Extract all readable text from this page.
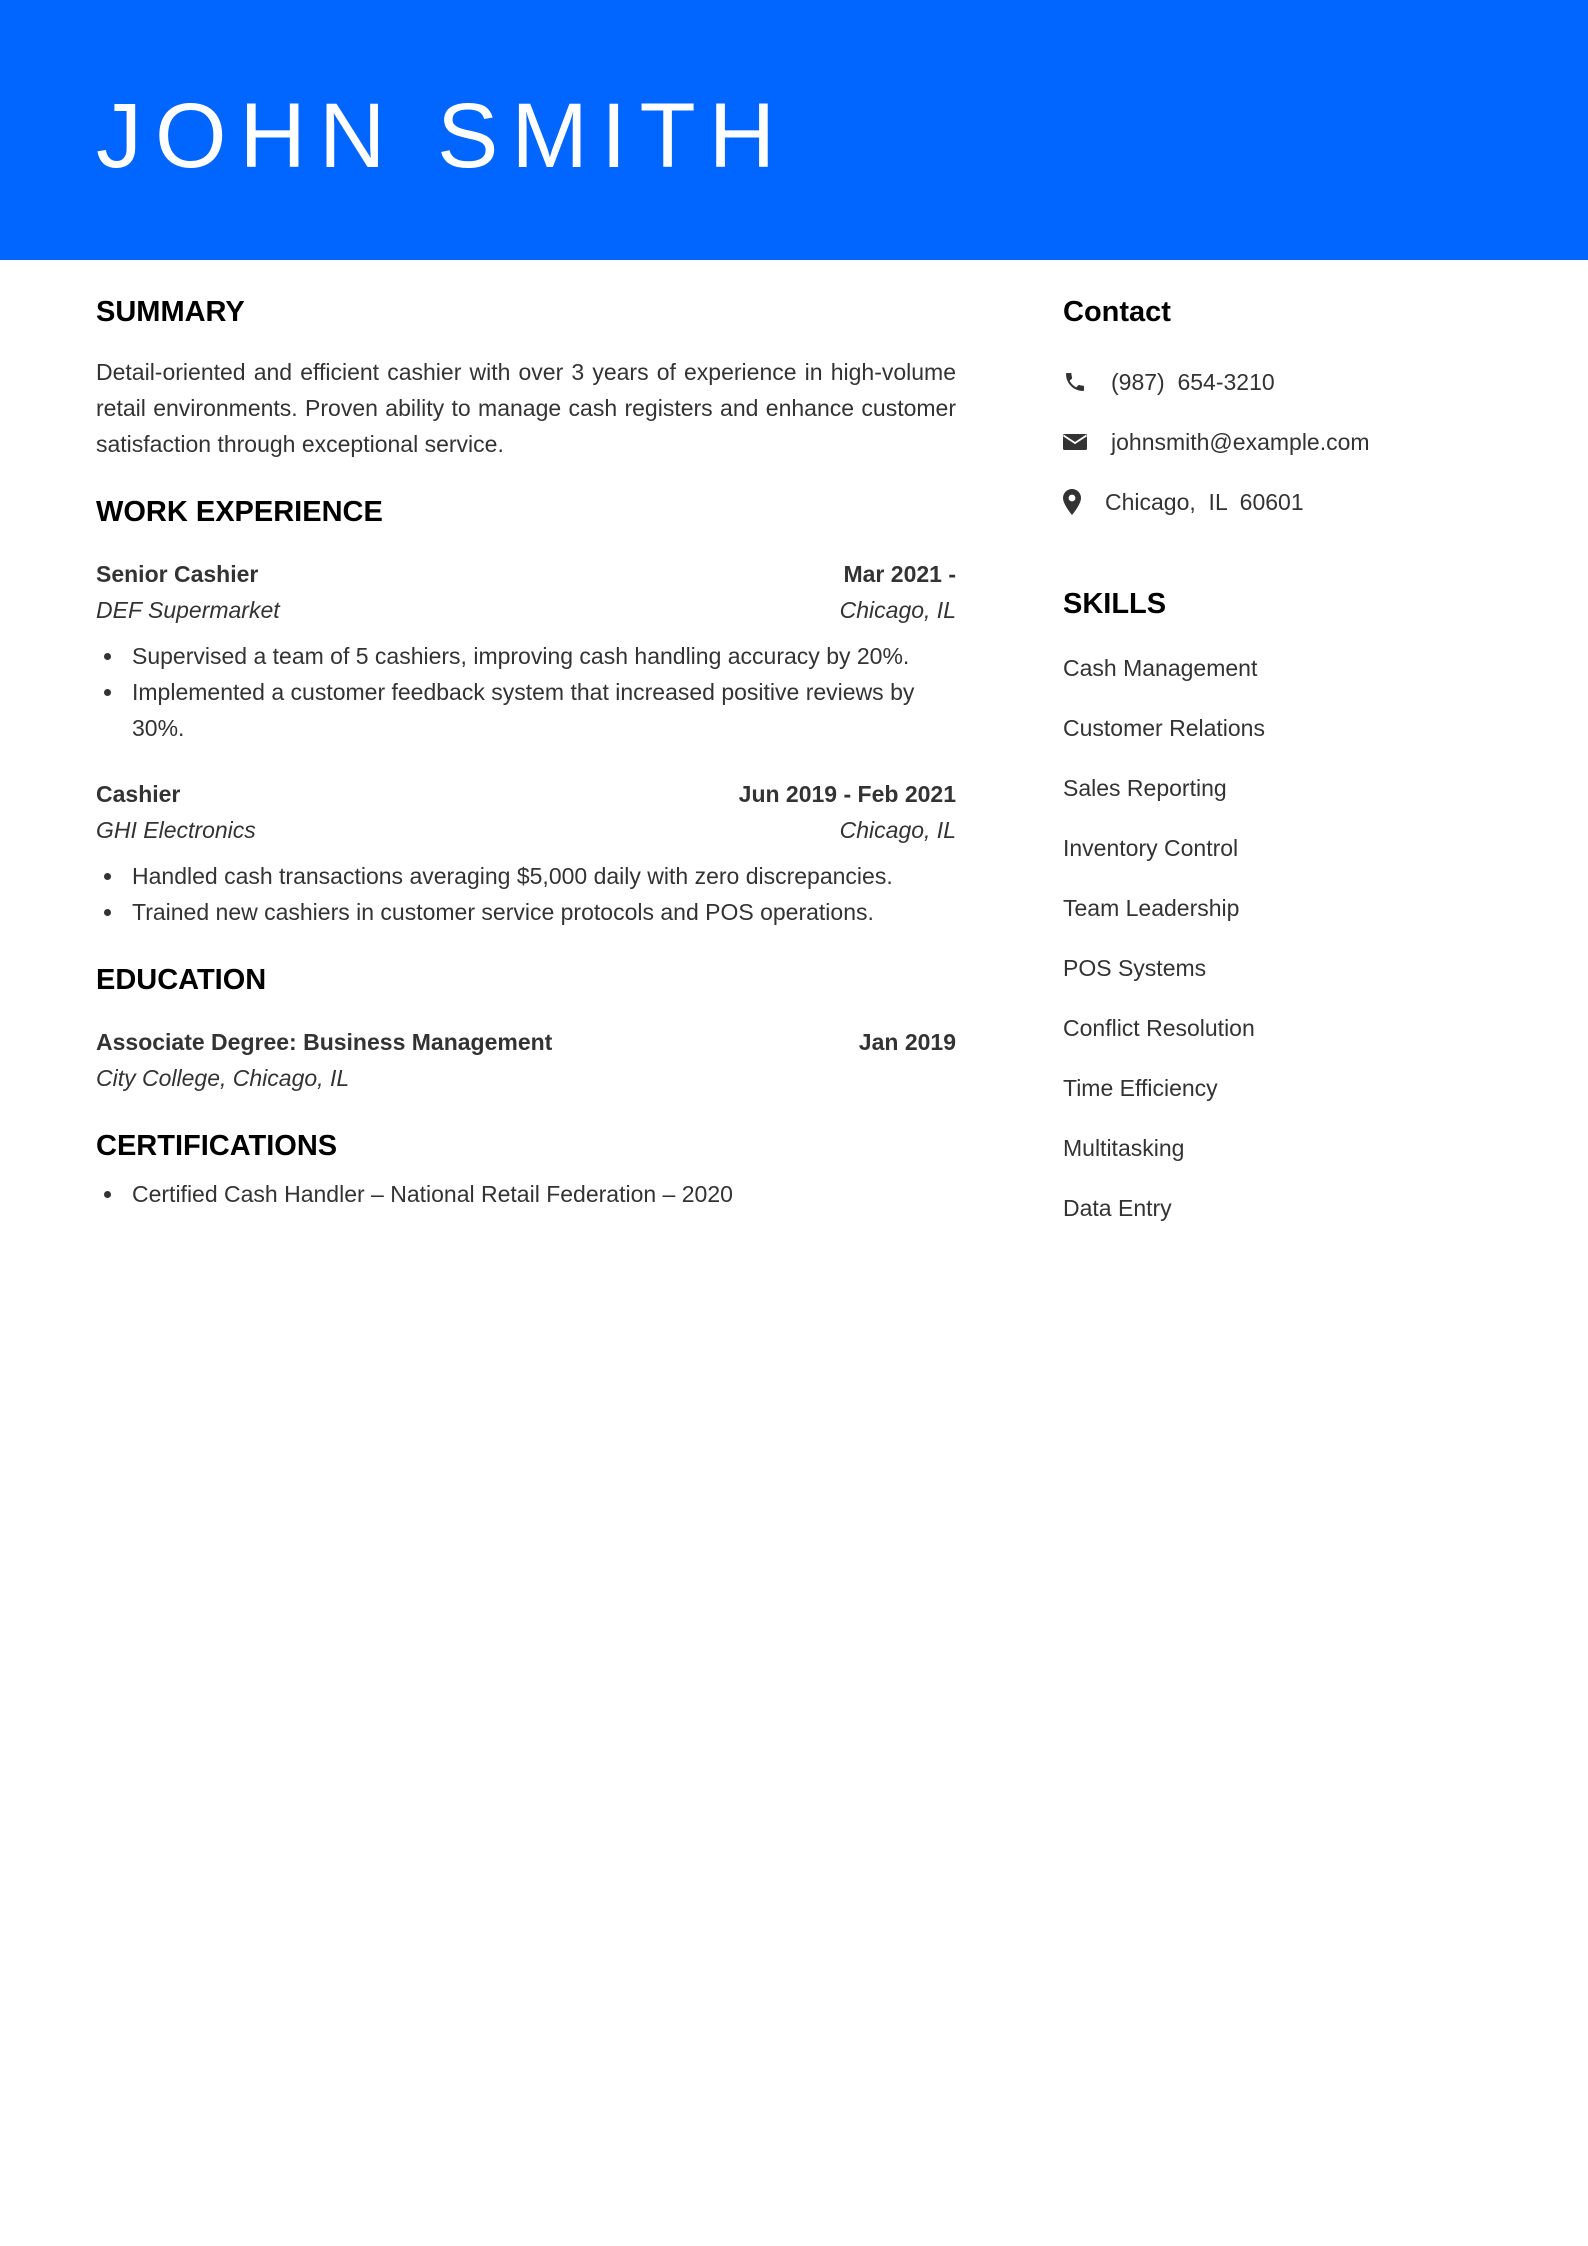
JOHN SMITH
SUMMARY

Detail-oriented and efficient cashier with over 3 years of experience in high-volume retail environments. Proven ability to manage cash registers and enhance customer satisfaction through exceptional service.

WORK EXPERIENCE
Senior Cashier	Mar 2021 -
DEF Supermarket	Chicago, IL
Supervised a team of 5 cashiers, improving cash handling accuracy by 20%.
Implemented a customer feedback system that increased positive reviews by 30%.
Cashier	Jun 2019 - Feb 2021
GHI Electronics	Chicago, IL
Handled cash transactions averaging $5,000 daily with zero discrepancies.
Trained new cashiers in customer service protocols and POS operations.
EDUCATION
Associate Degree: Business Management	Jan 2019
City College, Chicago, IL
CERTIFICATIONS
Certified Cash Handler – National Retail Federation – 2020
Contact
(987)  654-3210
johnsmith@example.com
Chicago,  IL  60601
SKILLS
Cash Management
Customer Relations
Sales Reporting
Inventory Control
Team Leadership
POS Systems
Conflict Resolution
Time Efficiency
Multitasking
Data Entry
